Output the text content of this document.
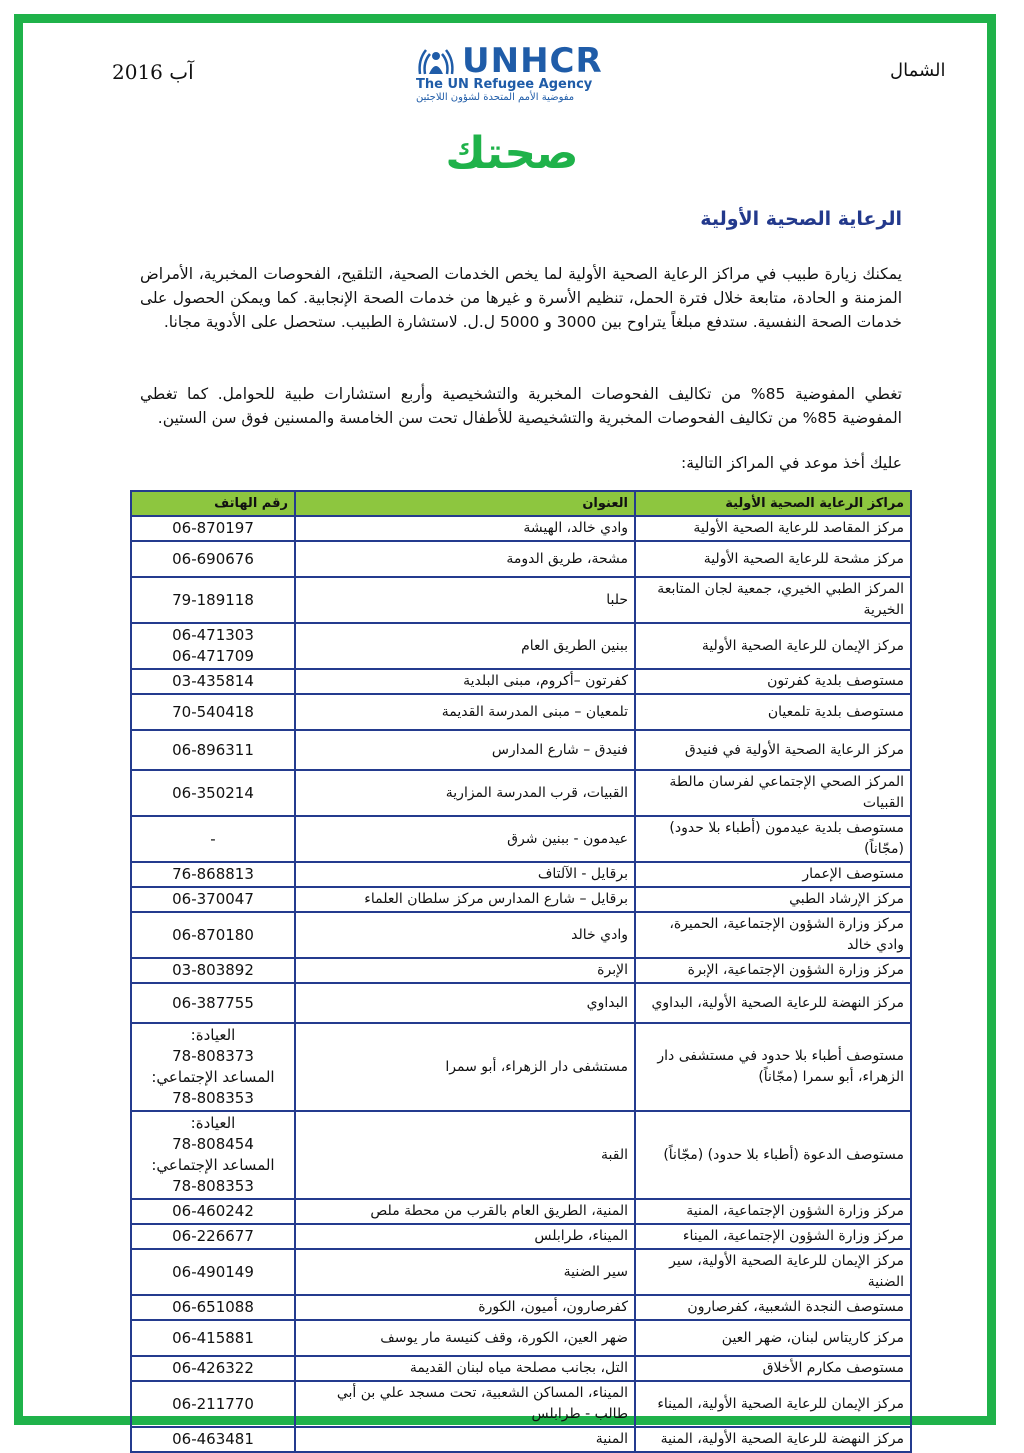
الشمال
آب 2016	UNHCR
The UN Refugee Agency
مفوضية الأمم المتحدة لشؤون اللاجئين
صحتك
الرعاية الصحية الأولية
يمكنك زيارة طبيب في مراكز الرعاية الصحية الأولية لما يخص الخدمات الصحية، التلقيح، الفحوصات المخبرية، الأمراض المزمنة و الحادة، متابعة خلال فترة الحمل، تنظيم الأسرة و غيرها من خدمات الصحة الإنجابية. كما ويمكن الحصول على خدمات الصحة النفسية. ستدفع مبلغاً يتراوح بين 3000 و 5000 ل.ل. لاستشارة الطبيب. ستحصل على الأدوية مجانا.
تغطي المفوضية 85% من تكاليف الفحوصات المخبرية والتشخيصية وأربع استشارات طبية للحوامل. كما تغطي المفوضية 85% من تكاليف الفحوصات المخبرية والتشخيصية للأطفال تحت سن الخامسة والمسنين فوق سن الستين.
عليك أخذ موعد في المراكز التالية:
مراكز الرعاية الصحية الأولية	العنوان	رقم الهاتف
مركز المقاصد للرعاية الصحية الأولية	وادي خالد، الهيشة	06-870197
مركز مشحة للرعاية الصحية الأولية	مشحة، طريق الدومة	06-690676
المركز الطبي الخيري، جمعية لجان المتابعة الخيرية	حلبا	79-189118
مركز الإيمان للرعاية الصحية الأولية	ببنين الطريق العام	06-471303
06-471709
مستوصف بلدية كفرتون	كفرتون –أكروم، مبنى البلدية	03-435814
مستوصف بلدية تلمعيان	تلمعيان – مبنى المدرسة القديمة	70-540418
مركز الرعاية الصحية الأولية في فنيدق	فنيدق – شارع المدارس	06-896311
المركز الصحي الإجتماعي لفرسان مالطة القبيات	القبيات، قرب المدرسة المزارية	06-350214
مستوصف بلدية عيدمون (أطباء بلا حدود) (مجّاناً)	عيدمون - ببنين شرق	-
مستوصف الإعمار	برقايل - الآلتاف	76-868813
مركز الإرشاد الطبي	برقايل – شارع المدارس مركز سلطان العلماء	06-370047
مركز وزارة الشؤون الإجتماعية، الحميرة، وادي خالد	وادي خالد	06-870180
مركز وزارة الشؤون الإجتماعية، الإبرة	الإبرة	03-803892
مركز النهضة للرعاية الصحية الأولية، البداوي	البداوي	06-387755
مستوصف أطباء بلا حدود في مستشفى دار الزهراء، أبو سمرا (مجّاناً)	مستشفى دار الزهراء، أبو سمرا	العيادة:
78-808373
المساعد الإجتماعي:
78-808353
مستوصف الدعوة (أطباء بلا حدود) (مجّاناً)	القبة	العيادة:
78-808454
المساعد الإجتماعي:
78-808353
مركز وزارة الشؤون الإجتماعية، المنية	المنية، الطريق العام بالقرب من محطة ملص	06-460242
مركز وزارة الشؤون الإجتماعية، الميناء	الميناء، طرابلس	06-226677
مركز الإيمان للرعاية الصحية الأولية، سير الضنية	سير الضنية	06-490149
مستوصف النجدة الشعبية، كفرصارون	كفرصارون، أميون، الكورة	06-651088
مركز كاريتاس لبنان، ضهر العين	ضهر العين، الكورة، وقف كنيسة مار يوسف	06-415881
مستوصف مكارم الأخلاق	التل، بجانب مصلحة مياه لبنان القديمة	06-426322
مركز الإيمان للرعاية الصحية الأولية، الميناء	الميناء، المساكن الشعبية، تحت مسجد علي بن أبي طالب - طرابلس	06-211770
مركز النهضة للرعاية الصحية الأولية، المنية	المنية	06-463481
